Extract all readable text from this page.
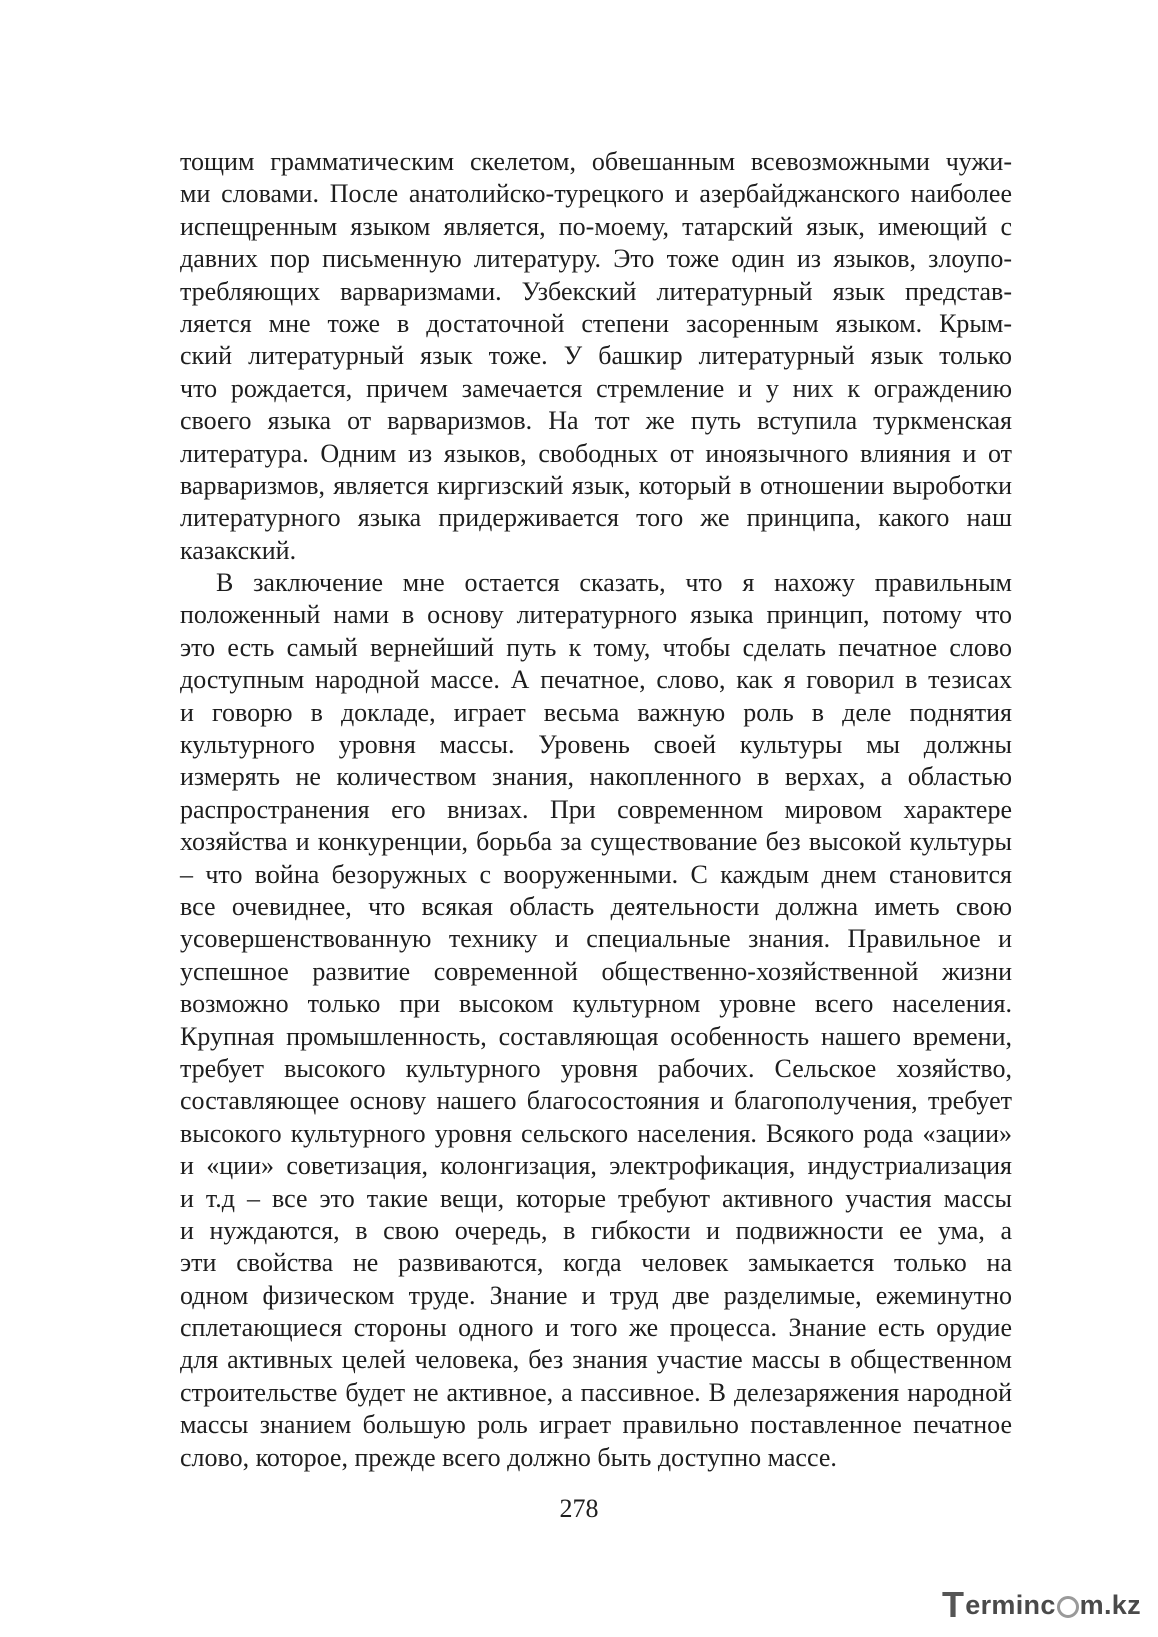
тощим грамматическим скелетом, обвешанным всевозможными чужи-
ми словами. После анатолийско-турецкого и азербайджанского наиболее
испещренным языком является, по-моему, татарский язык, имеющий с
давних пор письменную литературу. Это тоже один из языков, злоупо-
требляющих варваризмами. Узбекский литературный язык представ-
ляется мне тоже в достаточной степени засоренным языком. Крым-
ский литературный язык тоже. У башкир литературный язык только
что рождается, причем замечается стремление и у них к ограждению
своего языка от варваризмов. На тот же путь вступила туркменская
литература. Одним из языков, свободных от иноязычного влияния и от
варваризмов, является киргизский язык, который в отношении выроботки
литературного языка придерживается того же принципа, какого наш
казакский.
В заключение мне остается сказать, что я нахожу правильным
положенный нами в основу литературного языка принцип, потому что
это есть самый вернейший путь к тому, чтобы сделать печатное слово
доступным народной массе. А печатное, слово, как я говорил в тезисах
и говорю в докладе, играет весьма важную роль в деле поднятия
культурного уровня массы. Уровень своей культуры мы должны
измерять не количеством знания, накопленного в верхах, а областью
распространения его внизах. При современном мировом характере
хозяйства и конкуренции, борьба за существование без высокой культуры
– что война безоружных с вооруженными. С каждым днем становится
все очевиднее, что всякая область деятельности должна иметь свою
усовершенствованную технику и специальные знания. Правильное и
успешное развитие современной общественно-хозяйственной жизни
возможно только при высоком культурном уровне всего населения.
Крупная промышленность, составляющая особенность нашего времени,
требует высокого культурного уровня рабочих. Сельское хозяйство,
составляющее основу нашего благосостояния и благополучения, требует
высокого культурного уровня сельского населения. Всякого рода «зации»
и «ции» советизация, колонгизация, электрофикация, индустриализация
и т.д – все это такие вещи, которые требуют активного участия массы
и нуждаются, в свою очередь, в гибкости и подвижности ее ума, а
эти свойства не развиваются, когда человек замыкается только на
одном физическом труде. Знание и труд две разделимые, ежеминутно
сплетающиеся стороны одного и того же процесса. Знание есть орудие
для активных целей человека, без знания участие массы в общественном
строительстве будет не активное, а пассивное. В делезаряжения народной
массы знанием большую роль играет правильно поставленное печатное
слово, которое, прежде всего должно быть доступно массе.
278
T erminc m.kz
